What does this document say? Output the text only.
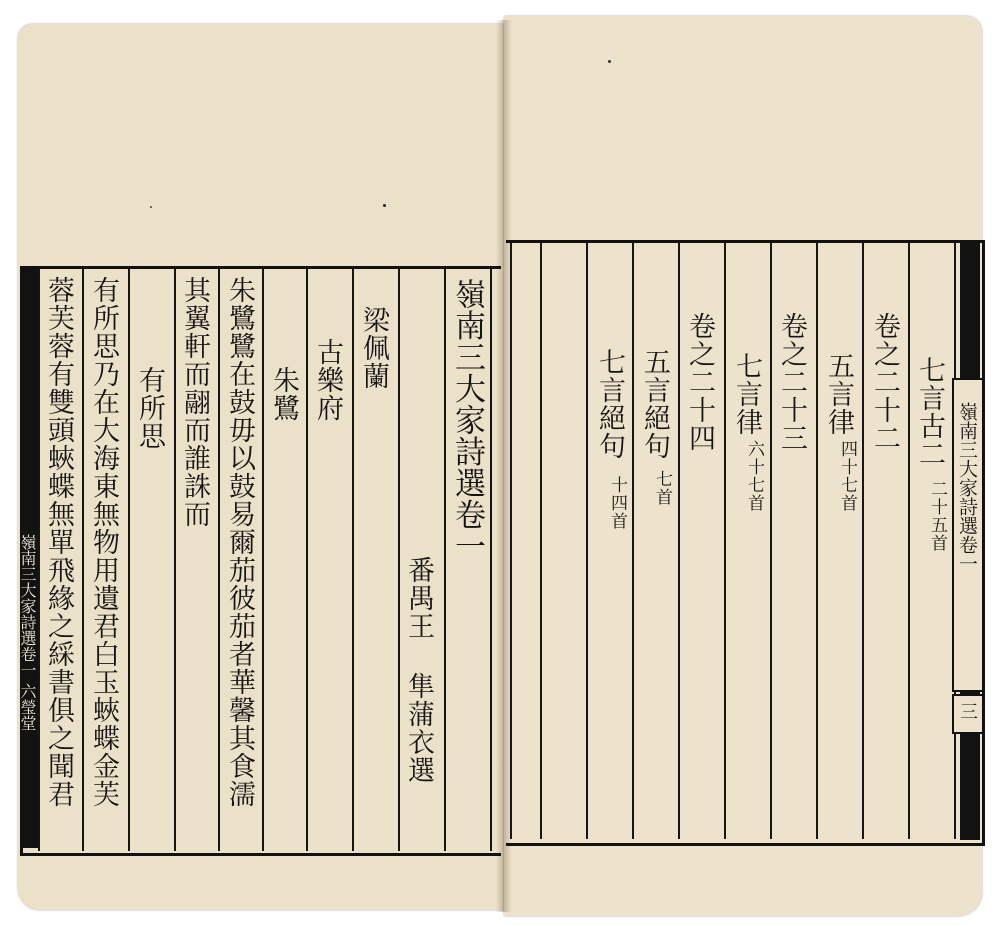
嶺南三大家詩選卷一 六瑩堂
嶺南三大家詩選卷一
番禺王
隼蒲衣選
梁佩蘭
古樂府
朱鷺
朱鷺鷺在鼓毋以鼓易爾茄彼茄者華馨其食濡
其翼軒而翮而誰誅而
有所思
有所思乃在大海東無物用遺君白玉蛺蝶金芙
蓉芙蓉有雙頭蛺蝶無單飛緣之綵書俱之聞君	嶺南三大家詩選卷一
三
七言古
二
二十五首
卷之二十二
五言律
四十七首
卷之二十三
七言律
六十七首
卷之二十四
五言絕句
七首
七言絕句
十四首
